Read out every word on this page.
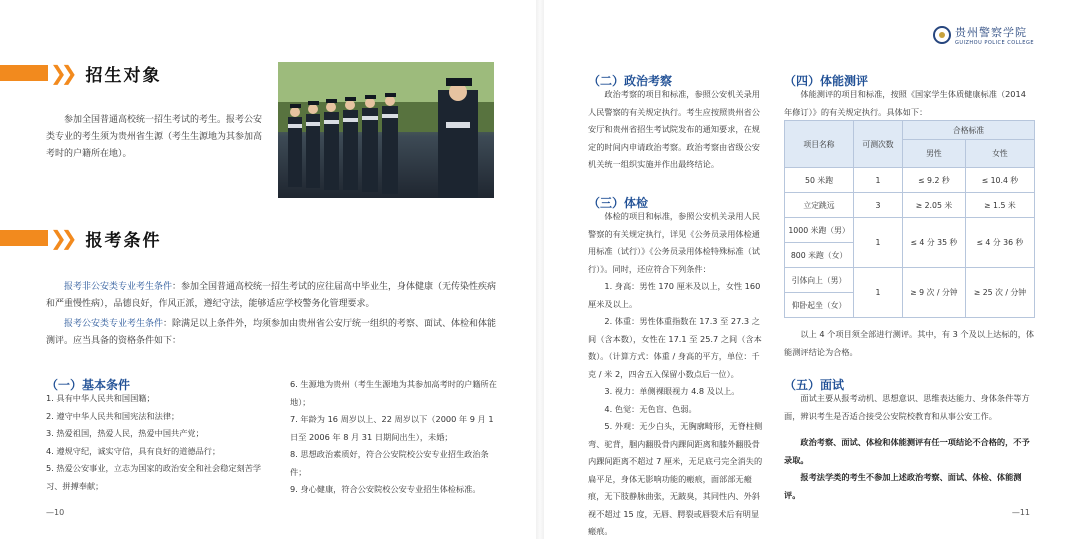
❯❯ 招生对象

参加全国普通高校统一招生考试的考生。报考公安类专业的考生须为贵州省生源（考生生源地为其参加高考时的户籍所在地）。

❯❯ 报考条件

报考非公安类专业考生条件：参加全国普通高校统一招生考试的应往届高中毕业生，身体健康（无传染性疾病和严重慢性病），品德良好，作风正派，遵纪守法，能够适应学校警务化管理要求。

报考公安类专业考生条件：除满足以上条件外，均须参加由贵州省公安厅统一组织的考察、面试、体检和体能测评。应当具备的资格条件如下：

（一）基本条件
1. 具有中华人民共和国国籍；
2. 遵守中华人民共和国宪法和法律；
3. 热爱祖国，热爱人民，热爱中国共产党；
4. 遵规守纪，诚实守信，具有良好的道德品行；
5. 热爱公安事业，立志为国家的政治安全和社会稳定刻苦学习、拼搏奉献；
6. 生源地为贵州（考生生源地为其参加高考时的户籍所在地）；
7. 年龄为 16 周岁以上、22 周岁以下（2000 年 9 月 1 日至 2006 年 8 月 31 日期间出生），未婚；
8. 思想政治素质好，符合公安院校公安专业招生政治条件；
9. 身心健康，符合公安院校公安专业招生体检标准。
—10
贵州警察学院
GUIZHOU POLICE COLLEGE
（二）政治考察
政治考察的项目和标准，参照公安机关录用人民警察的有关规定执行。考生应按照贵州省公安厅和贵州省招生考试院发布的通知要求，在规定的时间内申请政治考察。政治考察由省级公安机关统一组织实施并作出最终结论。
（三）体检
体检的项目和标准，参照公安机关录用人民警察的有关规定执行，详见《公务员录用体检通用标准（试行）》《公务员录用体检特殊标准（试行）》。同时，还应符合下列条件：
1. 身高：男性 170 厘米及以上，女性 160 厘米及以上。
2. 体重：男性体重指数在 17.3 至 27.3 之间（含本数），女性在 17.1 至 25.7 之间（含本数）。（计算方式：体重 / 身高的平方，单位：千克 / 米 2，四舍五入保留小数点后一位）。
3. 视力：单侧裸眼视力 4.8 及以上。
4. 色觉：无色盲、色弱。
5. 外观：无少白头，无胸廓畸形，无脊柱侧弯、驼背，腘内翻股骨内踝间距离和膝外翻股骨内踝间距离不超过 7 厘米，无足底弓完全消失的扁平足，身体无影响功能的瘢痕，面部部无瘢痕，无下肢静脉曲张，无跛臭，其同性内、外斜视不超过 15 度，无唇、腭裂或唇裂术后有明显瘢痕。
（四）体能测评
体能测评的项目和标准，按照《国家学生体质健康标准（2014 年修订）》的有关规定执行。具体如下：
项目名称	可测次数	合格标准	
		男性	女性
50 米跑	1	≤ 9.2 秒	≤ 10.4 秒
立定跳远	3	≥ 2.05 米	≥ 1.5 米
1000 米跑（男）	1	≤ 4 分 35 秒	≤ 4 分 36 秒
800 米跑（女）			
引体向上（男）	1	≥ 9 次 / 分钟	≥ 25 次 / 分钟
仰卧起坐（女）			
以上 4 个项目须全部进行测评。其中，有 3 个及以上达标的，体能测评结论为合格。
（五）面试
面试主要从报考动机、思想意识、思维表达能力、身体条件等方面，辨识考生是否适合接受公安院校教育和从事公安工作。
政治考察、面试、体检和体能测评有任一项结论不合格的，不予录取。
报考法学类的考生不参加上述政治考察、面试、体检、体能测评。
—11
